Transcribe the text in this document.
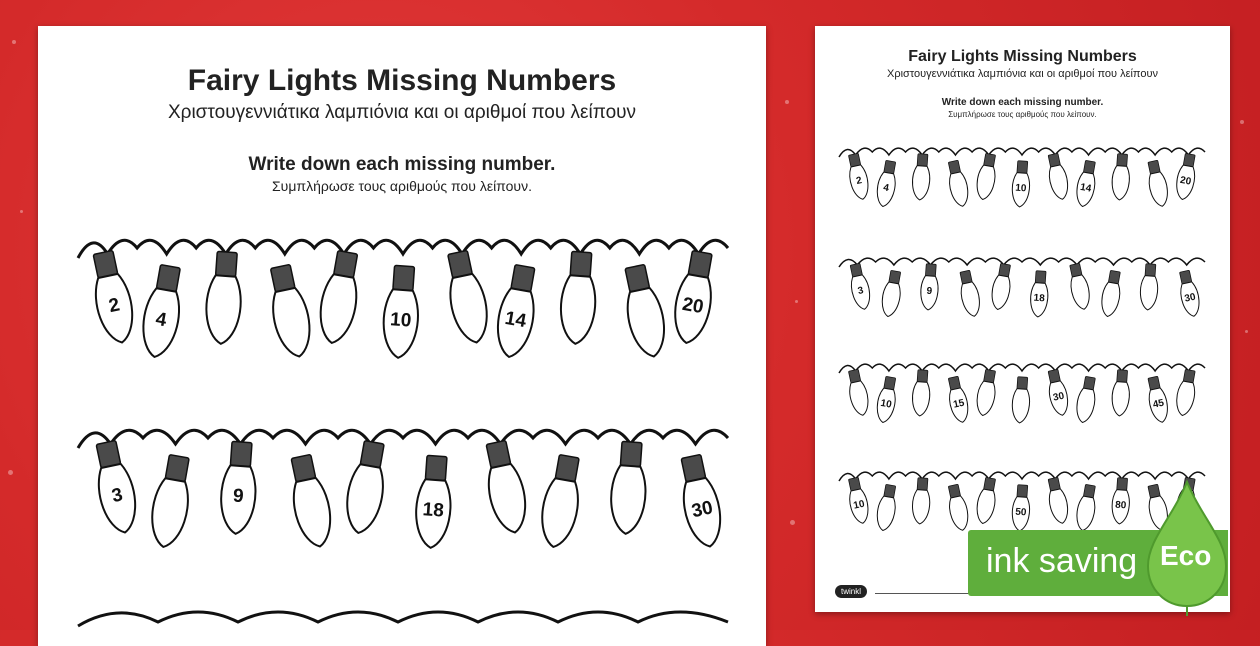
Fairy Lights Missing Numbers
Χριστουγεννιάτικα λαμπιόνια και οι αριθμοί που λείπουν
Write down each missing number.
Συμπλήρωσε τους αριθμούς που λείπουν.
2
4	10	14
20
3	9
18	30
Fairy Lights Missing Numbers
Χριστουγεννιάτικα λαμπιόνια και οι αριθμοί που λείπουν
Write down each missing number.
Συμπλήρωσε τους αριθμούς που λείπουν.
2
4	10	14
20
3	9
18	30
10	15
30
45
10
50
80
twinkl
ink saving Eco
